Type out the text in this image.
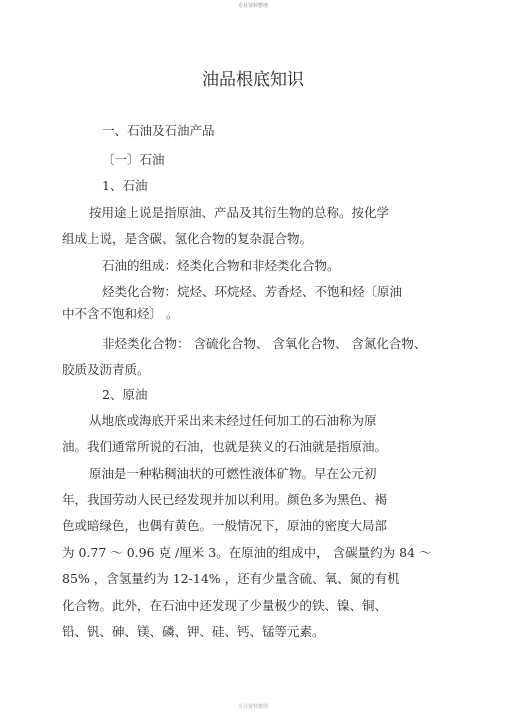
专业资料整理
油品根底知识
一、石油及石油产品
〔一〕石油
1、石油
按用途上说是指原油、产品及其衍生物的总称。按化学
组成上说，是含碳、氢化合物的复杂混合物。
石油的组成：烃类化合物和非烃类化合物。
烃类化合物：烷烃、环烷烃、芳香烃、不饱和烃〔原油
中不含不饱和烃〕 。
非烃类化合物： 含硫化合物、 含氧化合物、 含氮化合物、
胶质及沥青质。
2、原油
从地底或海底开采出来未经过任何加工的石油称为原
油。我们通常所说的石油，也就是狭义的石油就是指原油。
原油是一种粘稠油状的可燃性液体矿物。早在公元初
年，我国劳动人民已经发现并加以利用。颜色多为黑色、褐
色或暗绿色，也偶有黄色。一般情况下，原油的密度大局部
为 0.77 ～ 0.96 克 /厘米 3。在原油的组成中， 含碳量约为 84 ～
85% ，含氢量约为 12-14% ，还有少量含硫、氧、氮的有机
化合物。此外，在石油中还发现了少量极少的铁、镍、铜、
铅、钒、砷、镁、磷、钾、硅、钙、锰等元素。
专业资料整理
